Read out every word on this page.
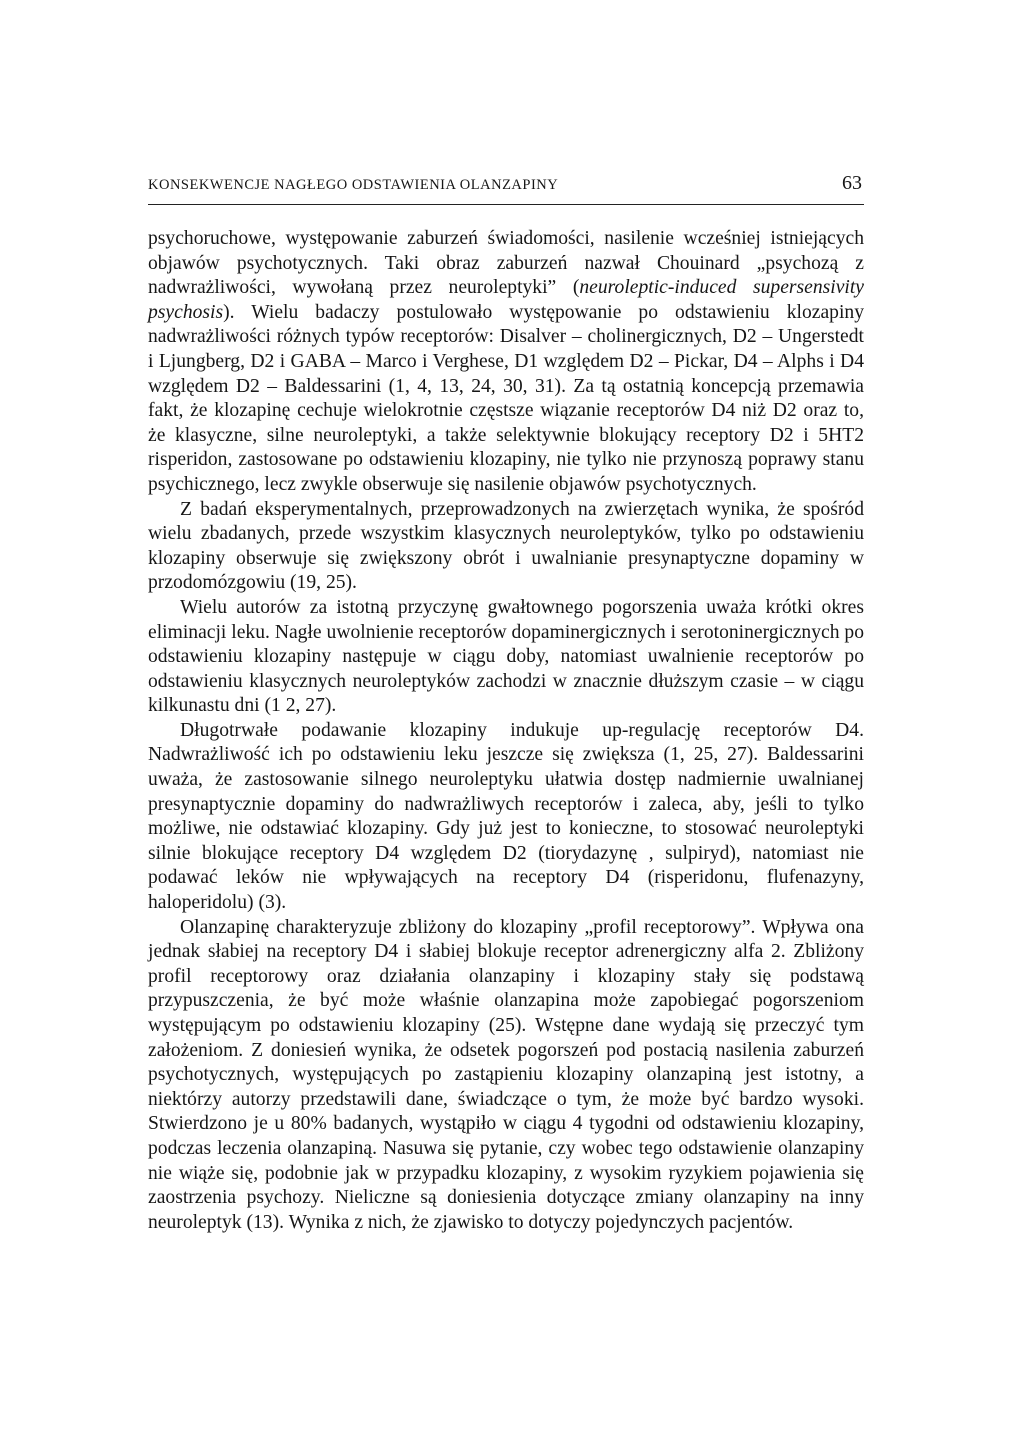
KONSEKWENCJE NAGŁEGO ODSTAWIENIA OLANZAPINY	63

psychoruchowe, występowanie zaburzeń świadomości, nasilenie wcześniej istniejących objawów psychotycznych. Taki obraz zaburzeń nazwał Chouinard „psychozą z nadwrażliwości, wywołaną przez neuroleptyki” (neuroleptic-induced supersensivity psychosis). Wielu badaczy postulowało występowanie po odstawieniu klozapiny nadwrażliwości różnych typów receptorów: Disalver – cholinergicznych, D2 – Ungerstedt i Ljungberg, D2 i GABA – Marco i Verghese, D1 względem D2 – Pickar, D4 – Alphs i D4 względem D2 – Baldessarini (1, 4, 13, 24, 30, 31). Za tą ostatnią koncepcją przemawia fakt, że klozapinę cechuje wielokrotnie częstsze wiązanie receptorów D4 niż D2 oraz to, że klasyczne, silne neuroleptyki, a także selektywnie blokujący receptory D2 i 5HT2 risperidon, zastosowane po odstawieniu klozapiny, nie tylko nie przynoszą poprawy stanu psychicznego, lecz zwykle obserwuje się nasilenie objawów psychotycznych.

Z badań eksperymentalnych, przeprowadzonych na zwierzętach wynika, że spośród wielu zbadanych, przede wszystkim klasycznych neuroleptyków, tylko po odstawieniu klozapiny obserwuje się zwiększony obrót i uwalnianie presynaptyczne dopaminy w przodomózgowiu (19, 25).

Wielu autorów za istotną przyczynę gwałtownego pogorszenia uważa krótki okres eliminacji leku. Nagłe uwolnienie receptorów dopaminergicznych i serotoninergicznych po odstawieniu klozapiny następuje w ciągu doby, natomiast uwalnienie receptorów po odstawieniu klasycznych neuroleptyków zachodzi w znacznie dłuższym czasie – w ciągu kilkunastu dni (1 2, 27).

Długotrwałe podawanie klozapiny indukuje up-regulację receptorów D4. Nadwrażliwość ich po odstawieniu leku jeszcze się zwiększa (1, 25, 27). Baldessarini uważa, że zastosowanie silnego neuroleptyku ułatwia dostęp nadmiernie uwalnianej presynaptycznie dopaminy do nadwrażliwych receptorów i zaleca, aby, jeśli to tylko możliwe, nie odstawiać klozapiny. Gdy już jest to konieczne, to stosować neuroleptyki silnie blokujące receptory D4 względem D2 (tiorydazynę , sulpiryd), natomiast nie podawać leków nie wpływających na receptory D4 (risperidonu, flufenazyny, haloperidolu) (3).

Olanzapinę charakteryzuje zbliżony do klozapiny „profil receptorowy”. Wpływa ona jednak słabiej na receptory D4 i słabiej blokuje receptor adrenergiczny alfa 2. Zbliżony profil receptorowy oraz działania olanzapiny i klozapiny stały się podstawą przypuszczenia, że być może właśnie olanzapina może zapobiegać pogorszeniom występującym po odstawieniu klozapiny (25). Wstępne dane wydają się przeczyć tym założeniom. Z doniesień wynika, że odsetek pogorszeń pod postacią nasilenia zaburzeń psychotycznych, występujących po zastąpieniu klozapiny olanzapiną jest istotny, a niektórzy autorzy przedstawili dane, świadczące o tym, że może być bardzo wysoki. Stwierdzono je u 80% badanych, wystąpiło w ciągu 4 tygodni od odstawieniu klozapiny, podczas leczenia olanzapiną. Nasuwa się pytanie, czy wobec tego odstawienie olanzapiny nie wiąże się, podobnie jak w przypadku klozapiny, z wysokim ryzykiem pojawienia się zaostrzenia psychozy. Nieliczne są doniesienia dotyczące zmiany olanzapiny na inny neuroleptyk (13). Wynika z nich, że zjawisko to dotyczy pojedynczych pacjentów.
